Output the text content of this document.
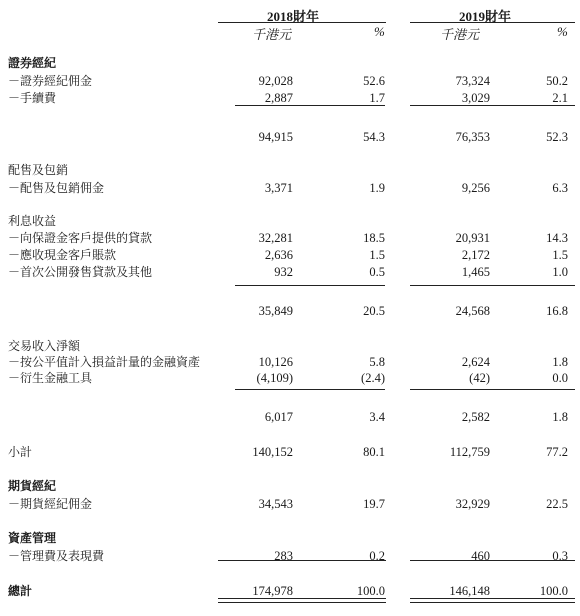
2018財年	2019財年
千港元	%	千港元	%
證券經紀
－證券經紀佣金	92,028	52.6	73,324	50.2
－手續費	2,887	1.7	3,029	2.1
94,915	54.3	76,353	52.3
配售及包銷
－配售及包銷佣金	3,371	1.9	9,256	6.3
利息收益
－向保證金客戶提供的貸款	32,281	18.5	20,931	14.3
－應收現金客戶賬款	2,636	1.5	2,172	1.5
－首次公開發售貸款及其他	932	0.5	1,465	1.0
35,849	20.5	24,568	16.8
交易收入淨額
－按公平值計入損益計量的金融資產	10,126	5.8	2,624	1.8
－衍生金融工具	(4,109)	(2.4)	(42)	0.0
6,017	3.4	2,582	1.8
小計	140,152	80.1	112,759	77.2
期貨經紀
－期貨經紀佣金	34,543	19.7	32,929	22.5
資產管理
－管理費及表現費	283	0.2	460	0.3
總計	174,978	100.0	146,148	100.0
